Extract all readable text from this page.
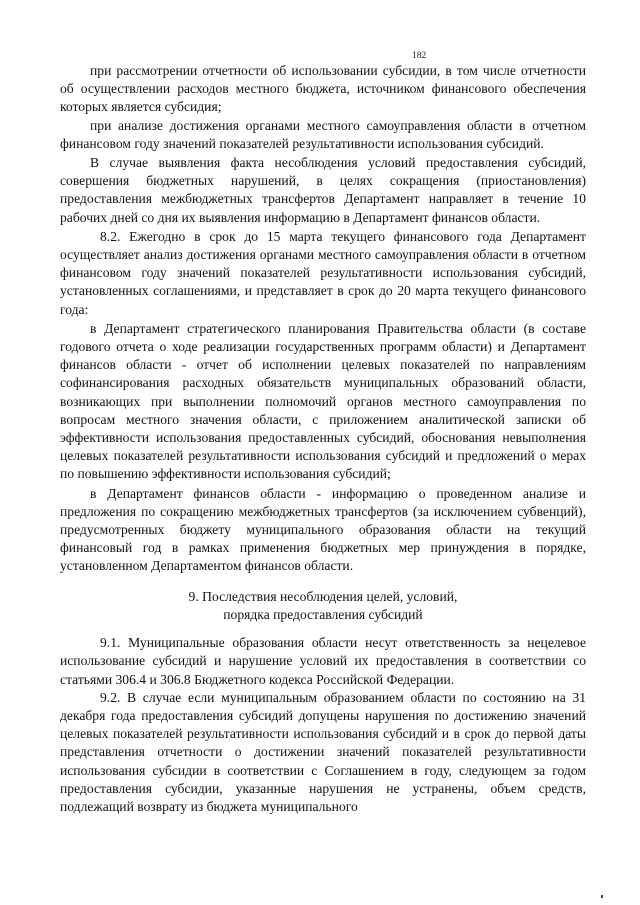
182

при рассмотрении отчетности об использовании субсидии, в том числе отчетности об осуществлении расходов местного бюджета, источником финансового обеспечения которых является субсидия;

при анализе достижения органами местного самоуправления области в отчетном финансовом году значений показателей результативности использования субсидий.

В случае выявления факта несоблюдения условий предоставления субсидий, совершения бюджетных нарушений, в целях сокращения (приостановления) предоставления межбюджетных трансфертов Департамент направляет в течение 10 рабочих дней со дня их выявления информацию в Департамент финансов области.

8.2. Ежегодно в срок до 15 марта текущего финансового года Департамент осуществляет анализ достижения органами местного самоуправления области в отчетном финансовом году значений показателей результативности использования субсидий, установленных соглашениями, и представляет в срок до 20 марта текущего финансового года:

в Департамент стратегического планирования Правительства области (в составе годового отчета о ходе реализации государственных программ области) и Департамент финансов области - отчет об исполнении целевых показателей по направлениям софинансирования расходных обязательств муниципальных образований области, возникающих при выполнении полномочий органов местного самоуправления по вопросам местного значения области, с приложением аналитической записки об эффективности использования предоставленных субсидий, обоснования невыполнения целевых показателей результативности использования субсидий и предложений о мерах по повышению эффективности использования субсидий;

в Департамент финансов области - информацию о проведенном анализе и предложения по сокращению межбюджетных трансфертов (за исключением субвенций), предусмотренных бюджету муниципального образования области на текущий финансовый год в рамках применения бюджетных мер принуждения в порядке, установленном Департаментом финансов области.

9. Последствия несоблюдения целей, условий,
порядка предоставления субсидий

9.1. Муниципальные образования области несут ответственность за нецелевое использование субсидий и нарушение условий их предоставления в соответствии со статьями 306.4 и 306.8 Бюджетного кодекса Российской Федерации.

9.2. В случае если муниципальным образованием области по состоянию на 31 декабря года предоставления субсидий допущены нарушения по достижению значений целевых показателей результативности использования субсидий и в срок до первой даты представления отчетности о достижении значений показателей результативности использования субсидии в соответствии с Соглашением в году, следующем за годом предоставления субсидии, указанные нарушения не устранены, объем средств, подлежащий возврату из бюджета муниципального
